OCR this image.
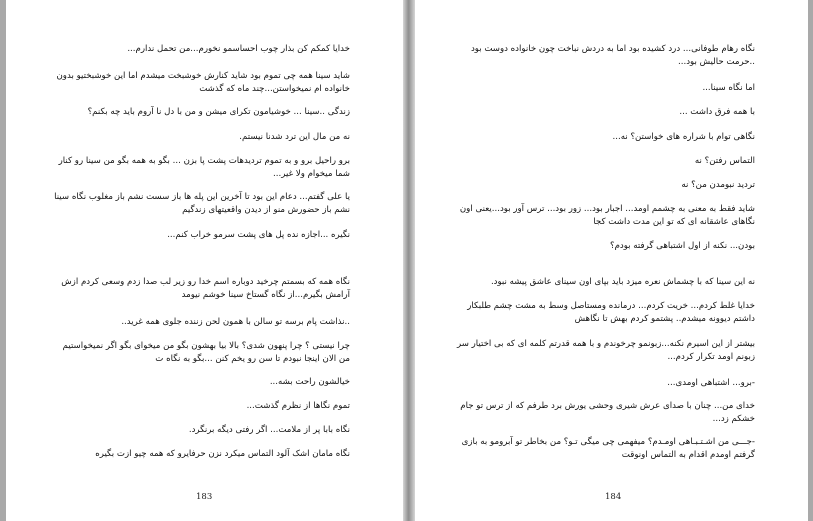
خدایا کمکم کن بذار چوب احساسمو نخورم...من تحمل ندارم...
شاید سینا همه چی تموم بود شاید کنارش خوشبخت میشدم اما این خوشبختیو بدون خانواده ام نمیخواستن...چند ماه که گذشت
زندگی ..سینا ... خوشیامون تکرای میشن و من با دل نا آروم باید چه بکنم؟
نه من مال این ترد شدنا نیستم.
برو راحیل برو و به تموم تردیدهات پشت پا بزن ... بگو به همه بگو من سینا رو کنار شما میخوام ولا غیر...
یا علی گفتم... دعام این بود تا آخرین این پله ها باز سست نشم باز مغلوب نگاه سینا نشم باز حضورش منو از دیدن واقعیتهای زندگیم
نگیره ...اجازه نده پل های پشت سرمو خراب کنم...
نگاه همه که بسمتم چرخید دوباره اسم خدا رو زیر لب صدا زدم وسعی کردم ازش آرامش بگیرم...از نگاه گستاخ سینا خوشم نیومد
..نذاشت پام برسه تو سالن با همون لحن زننده جلوی همه غرید..
چرا نیستی ؟ چرا پنهون شدی؟ بالا بیا بهشون بگو من میخوای بگو اگر نمیخواستیم من الان اینجا نبودم تا سن رو یخم کنن ...بگو به نگاه ت
خیالشون راحت بشه...
تموم نگاها از نظرم گذشت...
نگاه بابا پر از ملامت... اگر رفتی دیگه برنگرد.
نگاه مامان اشک آلود التماس میکرد نزن حرفایرو که همه چیو ازت بگیره
183
نگاه رهام طوفانی... درد کشیده بود اما به دردش نباخت چون خانواده دوست بود ..حرمت حالیش بود...
اما نگاه سینا...
با همه فرق داشت ...
نگاهی توام با شراره های خواستن؟ نه...
التماس رفتن؟ نه
تردید نبومدن من؟ نه
شاید فقط به معنی به چشمم اومد... اجبار بود... زور بود... ترس آور بود...یعنی اون نگاهای عاشقانه ای که تو این مدت داشت کجا
بودن... نکنه از اول اشتباهی گرفته بودم؟
نه این سینا که با چشماش نعره میزد باید بپای اون سینای عاشق پیشه نبود.
خدایا غلط کردم... خریت کردم... درمانده ومستاصل وسط به مشت چشم طلبکار داشتم دیوونه میشدم.. پشتمو کردم بهش تا نگاهش
بیشتر از این اسیرم نکنه...زبونمو چرخوندم و با همه قدرتم کلمه ای که بی اختیار سر زبونم اومد تکرار کردم...
-برو... اشتباهی اومدی...
خدای من... چنان با صدای عرش شیری وحشی یورش برد طرفم که از ترس تو جام خشکم زد...
-جـــی من اشـتـبـاهی اومـدم؟ میفهمی چی میگی تـو؟ من بخاطر تو آبرومو به بازی گرفتم اومدم اقدام به التماس اونوقت
184
